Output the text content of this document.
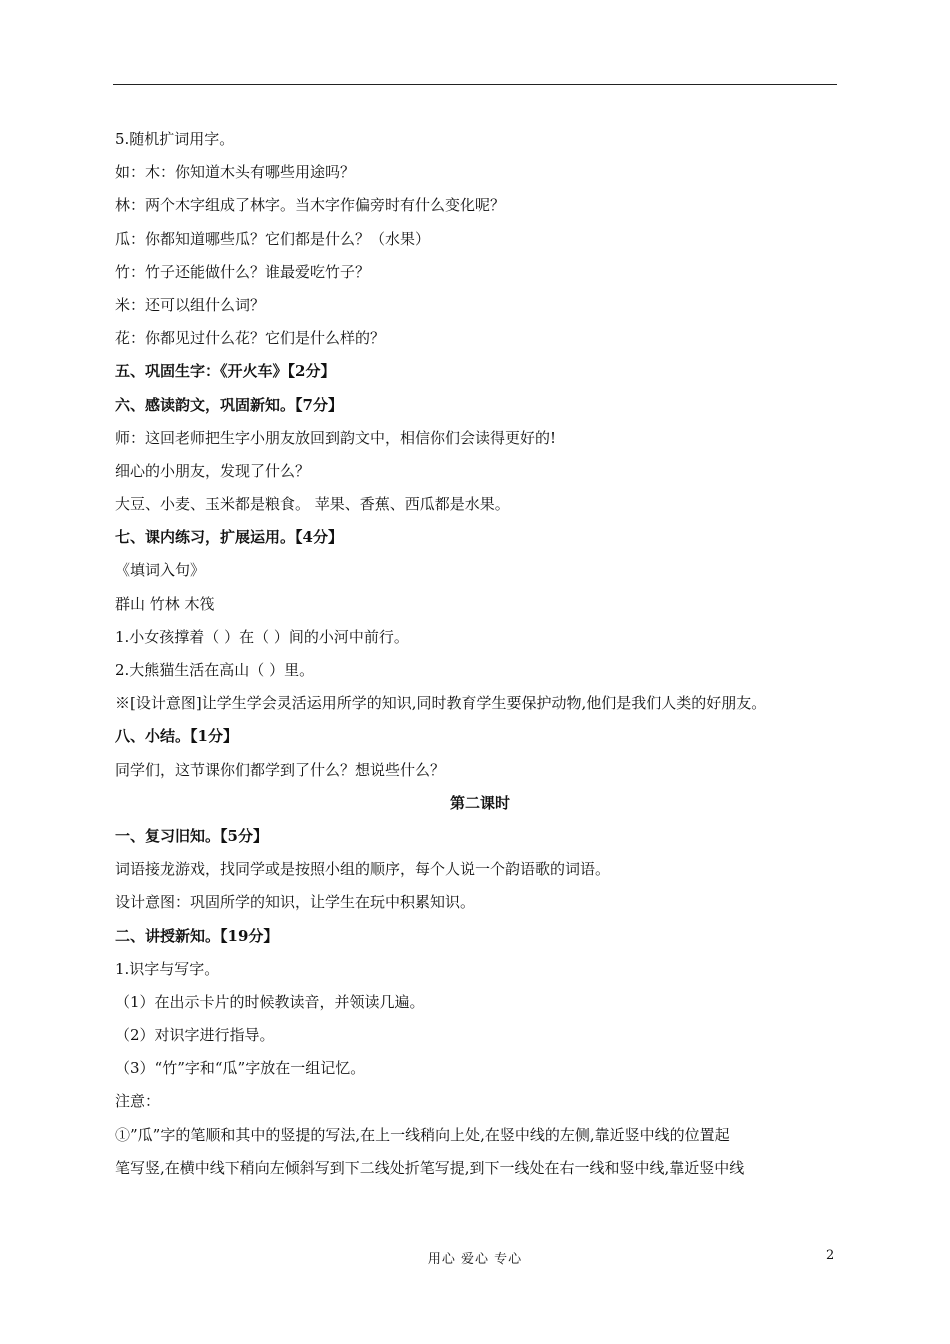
5.随机扩词用字。
如：木：你知道木头有哪些用途吗？
林：两个木字组成了林字。当木字作偏旁时有什么变化呢？
瓜：你都知道哪些瓜？它们都是什么？（水果）
竹：竹子还能做什么？谁最爱吃竹子？
米：还可以组什么词？
花：你都见过什么花？它们是什么样的？
五、巩固生字：《开火车》【2分】
六、感读韵文，巩固新知。【7分】
师：这回老师把生字小朋友放回到韵文中，相信你们会读得更好的!
细心的小朋友，发现了什么？
大豆、小麦、玉米都是粮食。 苹果、香蕉、西瓜都是水果。
七、课内练习，扩展运用。【4分】
《填词入句》
群山 竹林 木筏
1.小女孩撑着（ ）在（ ）间的小河中前行。
2.大熊猫生活在高山（ ）里。
※[设计意图]让学生学会灵活运用所学的知识,同时教育学生要保护动物,他们是我们人类的好朋友。
八、小结。【1分】
同学们，这节课你们都学到了什么？想说些什么？
第二课时
一、复习旧知。【5分】
词语接龙游戏，找同学或是按照小组的顺序，每个人说一个韵语歌的词语。
设计意图：巩固所学的知识，让学生在玩中积累知识。
二、讲授新知。【19分】
1.识字与写字。
（1）在出示卡片的时候教读音，并领读几遍。
（2）对识字进行指导。
（3）“竹”字和“瓜”字放在一组记忆。
注意：
①”瓜”字的笔顺和其中的竖提的写法,在上一线稍向上处,在竖中线的左侧,靠近竖中线的位置起
笔写竖,在横中线下稍向左倾斜写到下二线处折笔写提,到下一线处在右一线和竖中线,靠近竖中线
用心 爱心 专心	2
